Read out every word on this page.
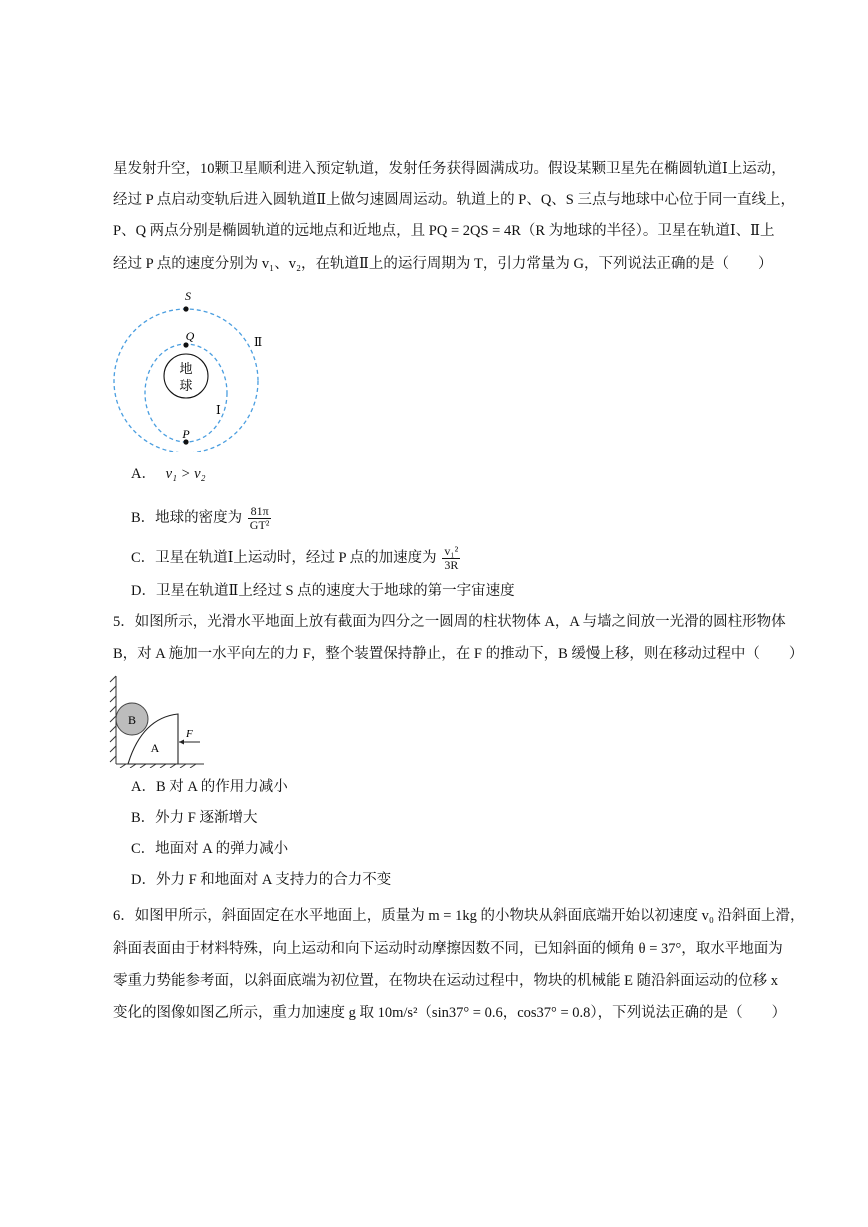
星发射升空，10颗卫星顺利进入预定轨道，发射任务获得圆满成功。假设某颗卫星先在椭圆轨道Ⅰ上运动，
经过 P 点启动变轨后进入圆轨道Ⅱ上做匀速圆周运动。轨道上的 P、Q、S 三点与地球中心位于同一直线上，
P、Q 两点分别是椭圆轨道的远地点和近地点，且 PQ = 2QS = 4R（R 为地球的半径）。卫星在轨道Ⅰ、Ⅱ上
经过 P 点的速度分别为 v₁、v₂，在轨道Ⅱ上的运行周期为 T，引力常量为 G，下列说法正确的是（　　）
地
球
S
Q
P
Ⅱ
Ⅰ
A． v₁ > v₂
B．地球的密度为 $\frac{81\pi}{\text{GT²}}$
C．卫星在轨道Ⅰ上运动时，经过 P 点的加速度为 $\frac{\text{v₁²}}{3R}$
D．卫星在轨道Ⅱ上经过 S 点的速度大于地球的第一宇宙速度
5．如图所示，光滑水平地面上放有截面为四分之一圆周的柱状物体 A，A 与墙之间放一光滑的圆柱形物体
B，对 A 施加一水平向左的力 F，整个装置保持静止，在 F 的推动下，B 缓慢上移，则在移动过程中（　　）
B
A
F
A．B 对 A 的作用力减小
B．外力 F 逐渐增大
C．地面对 A 的弹力减小
D．外力 F 和地面对 A 支持力的合力不变
6．如图甲所示，斜面固定在水平地面上，质量为 m = 1kg 的小物块从斜面底端开始以初速度 v₀ 沿斜面上滑，
斜面表面由于材料特殊，向上运动和向下运动时动摩擦因数不同，已知斜面的倾角 θ = 37°，取水平地面为
零重力势能参考面，以斜面底端为初位置，在物块在运动过程中，物块的机械能 E 随沿斜面运动的位移 x
变化的图像如图乙所示，重力加速度 g 取 10m/s²（sin37° = 0.6，cos37° = 0.8），下列说法正确的是（　　）
